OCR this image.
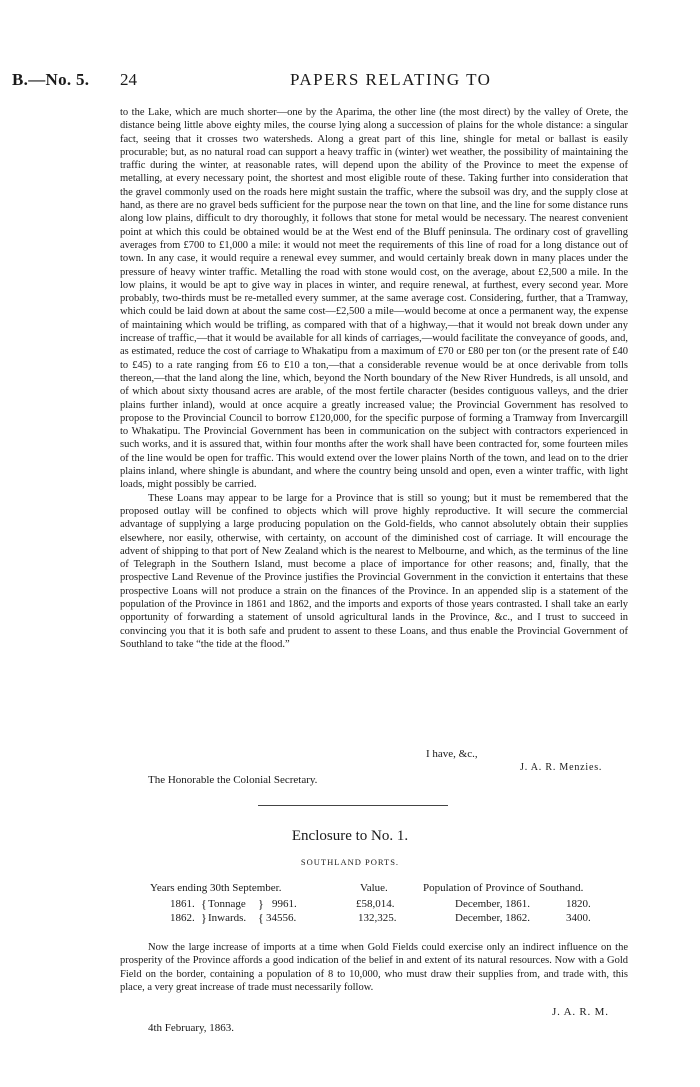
B.—No. 5. 24	PAPERS RELATING TO

to the Lake, which are much shorter—one by the Aparima, the other line (the most direct) by the valley of Orete, the distance being little above eighty miles, the course lying along a succession of plains for the whole distance: a singular fact, seeing that it crosses two watersheds. Along a great part of this line, shingle for metal or ballast is easily procurable; but, as no natural road can support a heavy traffic in (winter) wet weather, the possibility of maintaining the traffic during the winter, at reasonable rates, will depend upon the ability of the Province to meet the expense of metalling, at every necessary point, the shortest and most eligible route of these. Taking further into consideration that the gravel commonly used on the roads here might sustain the traffic, where the subsoil was dry, and the supply close at hand, as there are no gravel beds sufficient for the purpose near the town on that line, and the line for some distance runs along low plains, difficult to dry thoroughly, it follows that stone for metal would be necessary. The nearest convenient point at which this could be obtained would be at the West end of the Bluff peninsula. The ordinary cost of gravelling averages from £700 to £1,000 a mile: it would not meet the requirements of this line of road for a long distance out of town. In any case, it would require a renewal evey summer, and would certainly break down in many places under the pressure of heavy winter traffic. Metalling the road with stone would cost, on the average, about £2,500 a mile. In the low plains, it would be apt to give way in places in winter, and require renewal, at furthest, every second year. More probably, two-thirds must be re-metalled every summer, at the same average cost. Considering, further, that a Tramway, which could be laid down at about the same cost—£2,500 a mile—would become at once a permanent way, the expense of maintaining which would be trifling, as compared with that of a highway,—that it would not break down under any increase of traffic,—that it would be available for all kinds of carriages,—would facilitate the conveyance of goods, and, as estimated, reduce the cost of carriage to Whakatipu from a maximum of £70 or £80 per ton (or the present rate of £40 to £45) to a rate ranging from £6 to £10 a ton,—that a considerable revenue would be at once derivable from tolls thereon,—that the land along the line, which, beyond the North boundary of the New River Hundreds, is all unsold, and of which about sixty thousand acres are arable, of the most fertile character (besides contiguous valleys, and the drier plains further inland), would at once acquire a greatly increased value; the Provincial Government has resolved to propose to the Provincial Council to borrow £120,000, for the specific purpose of forming a Tramway from Invercargill to Whakatipu. The Provincial Government has been in communication on the subject with contractors experienced in such works, and it is assured that, within four months after the work shall have been contracted for, some fourteen miles of the line would be open for traffic. This would extend over the lower plains North of the town, and lead on to the drier plains inland, where shingle is abundant, and where the country being unsold and open, even a winter traffic, with light loads, might possibly be carried.

These Loans may appear to be large for a Province that is still so young; but it must be remembered that the proposed outlay will be confined to objects which will prove highly reproductive. It will secure the commercial advantage of supplying a large producing population on the Gold-fields, who cannot absolutely obtain their supplies elsewhere, nor easily, otherwise, with certainty, on account of the diminished cost of carriage. It will encourage the advent of shipping to that port of New Zealand which is the nearest to Melbourne, and which, as the terminus of the line of Telegraph in the Southern Island, must become a place of importance for other reasons; and, finally, that the prospective Land Revenue of the Province justifies the Provincial Government in the conviction it entertains that these prospective Loans will not produce a strain on the finances of the Province. In an appended slip is a statement of the population of the Province in 1861 and 1862, and the imports and exports of those years contrasted. I shall take an early opportunity of forwarding a statement of unsold agricultural lands in the Province, &c., and I trust to succeed in convincing you that it is both safe and prudent to assent to these Loans, and thus enable the Provincial Government of Southland to take “the tide at the flood.”

I have, &c.,
J. A. R. Menzies.
The Honorable the Colonial Secretary.
Enclosure to No. 1.
SOUTHLAND PORTS.
Years ending 30th September.	Value.	Population of Province of Southand.
1861. { Tonnage } 9961.	£58,014.	December, 1861.	1820.
1862. } Inwards. { 34556.	132,325.	December, 1862.	3400.

Now the large increase of imports at a time when Gold Fields could exercise only an indirect influence on the prosperity of the Province affords a good indication of the belief in and extent of its natural resources. Now with a Gold Field on the border, containing a population of 8 to 10,000, who must draw their supplies from, and trade with, this place, a very great increase of trade must necessarily follow.

J. A. R. M.
4th February, 1863.
